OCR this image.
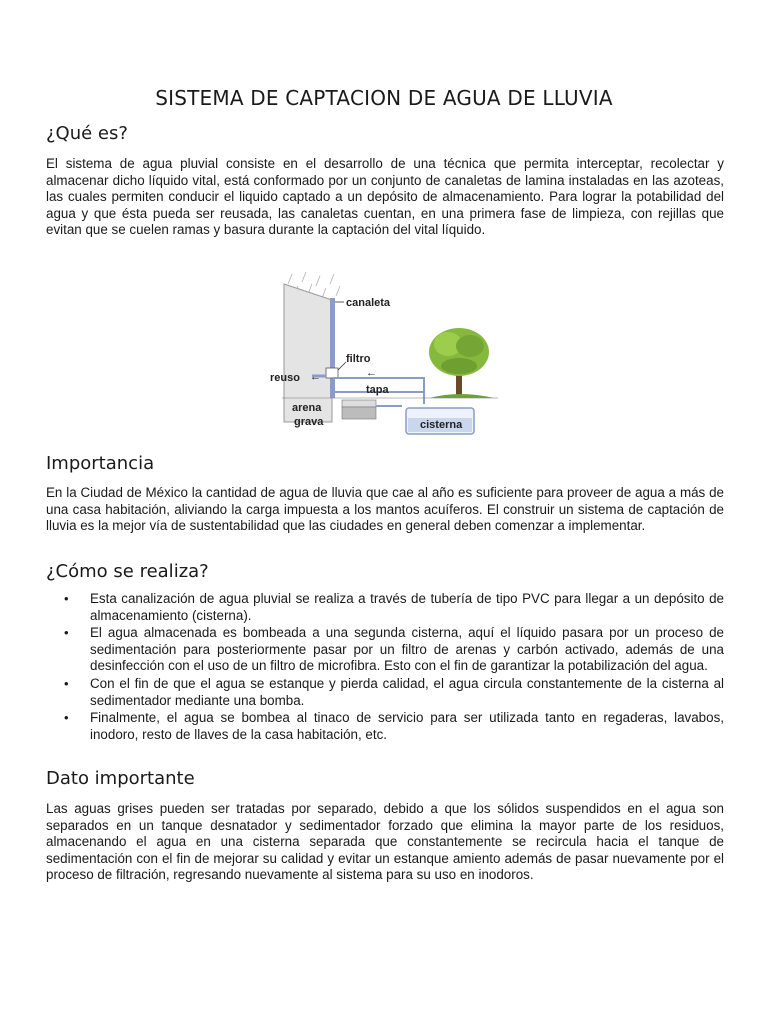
SISTEMA DE CAPTACION DE AGUA DE LLUVIA
¿Qué es?

El sistema de agua pluvial consiste en el desarrollo de una técnica que permita interceptar, recolectar y almacenar dicho líquido vital, está conformado por un conjunto de canaletas de lamina instaladas en las azoteas, las cuales permiten conducir el liquido captado a un depósito de almacenamiento. Para lograr la potabilidad del agua y que ésta pueda ser reusada, las canaletas cuentan, en una primera fase de limpieza, con rejillas que evitan que se cuelen ramas y basura durante la captación del vital líquido.

canaleta
filtro
reuso ←	←
tapa
arena
grava	cisterna
Importancia

En la Ciudad de México la cantidad de agua de lluvia que cae al año es suficiente para proveer de agua a más de una casa habitación, aliviando la carga impuesta a los mantos acuíferos. El construir un sistema de captación de lluvia es la mejor vía de sustentabilidad que las ciudades en general deben comenzar a implementar.

¿Cómo se realiza?
• Esta canalización de agua pluvial se realiza a través de tubería de tipo PVC para llegar a un depósito de almacenamiento (cisterna).
• El agua almacenada es bombeada a una segunda cisterna, aquí el líquido pasara por un proceso de sedimentación para posteriormente pasar por un filtro de arenas y carbón activado, además de una desinfección con el uso de un filtro de microfibra. Esto con el fin de garantizar la potabilización del agua.
• Con el fin de que el agua se estanque y pierda calidad, el agua circula constantemente de la cisterna al sedimentador mediante una bomba.
• Finalmente, el agua se bombea al tinaco de servicio para ser utilizada tanto en regaderas, lavabos, inodoro, resto de llaves de la casa habitación, etc.
Dato importante

Las aguas grises pueden ser tratadas por separado, debido a que los sólidos suspendidos en el agua son separados en un tanque desnatador y sedimentador forzado que elimina la mayor parte de los residuos, almacenando el agua en una cisterna separada que constantemente se recircula hacia el tanque de sedimentación con el fin de mejorar su calidad y evitar un estanque amiento además de pasar nuevamente por el proceso de filtración, regresando nuevamente al sistema para su uso en inodoros.
